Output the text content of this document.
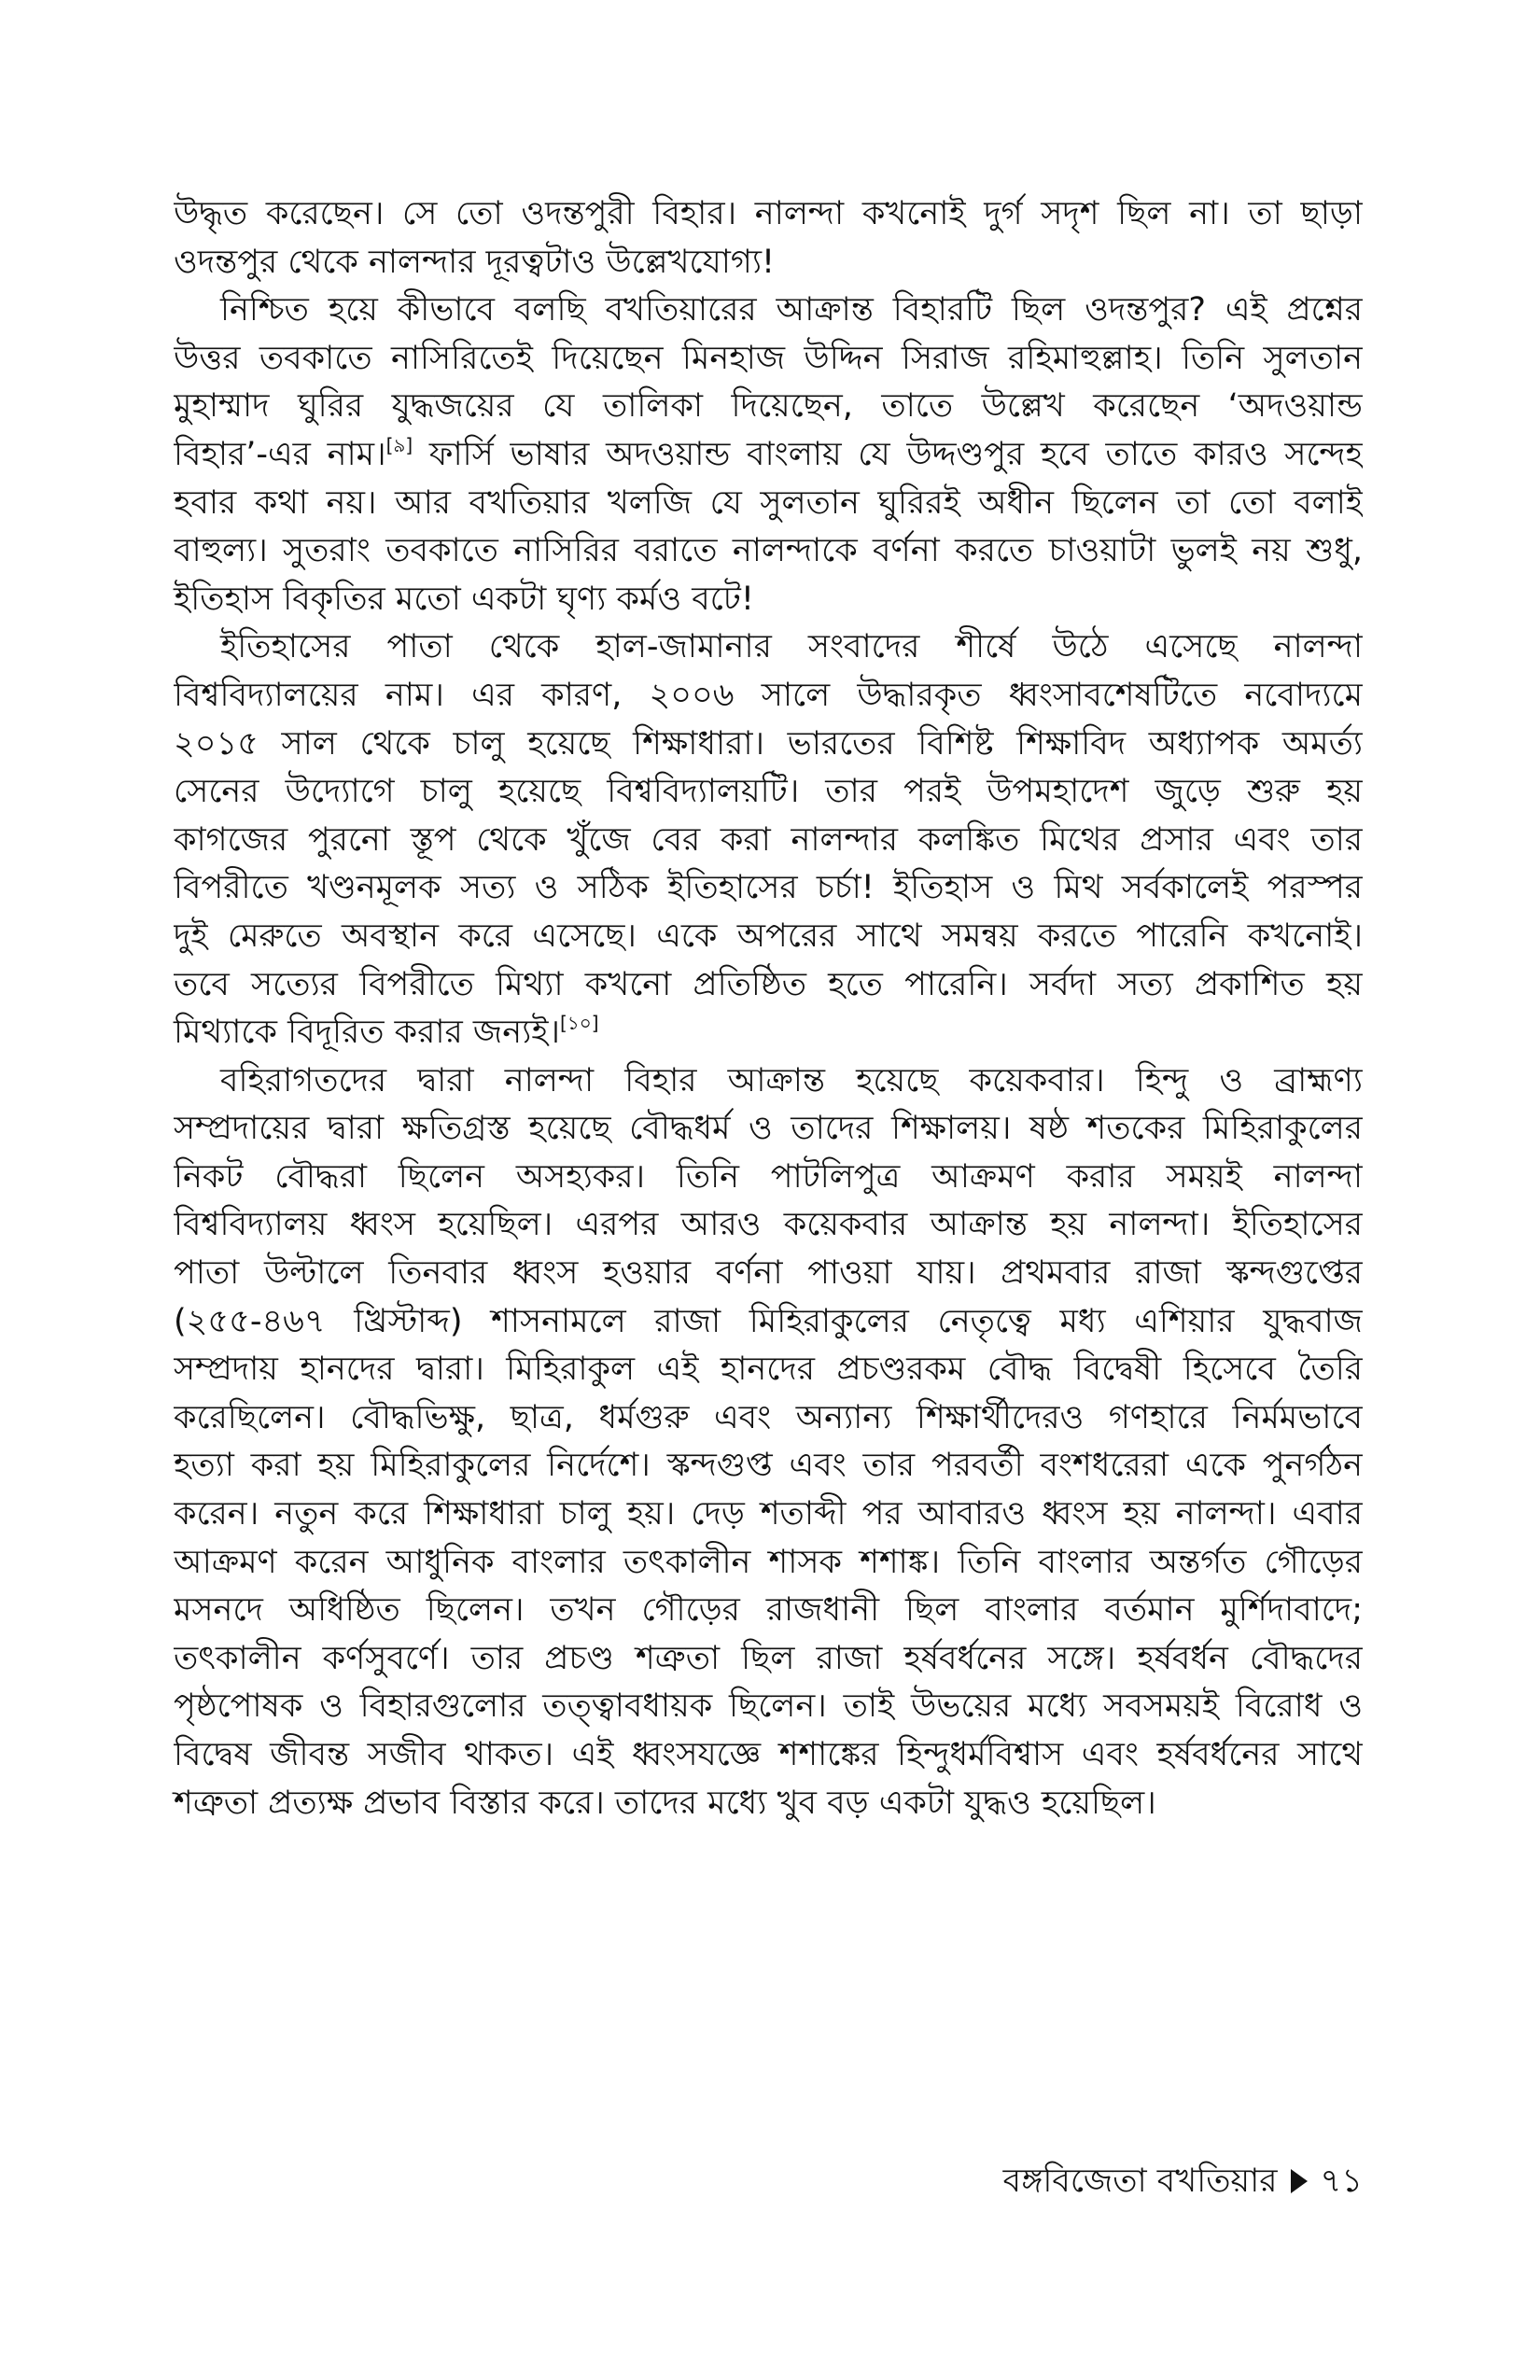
উদ্ধৃত করেছেন। সে তো ওদন্তপুরী বিহার। নালন্দা কখনোই দুর্গ সদৃশ ছিল না। তা ছাড়া
ওদন্তপুর থেকে নালন্দার দূরত্বটাও উল্লেখযোগ্য!
নিশ্চিত হয়ে কীভাবে বলছি বখতিয়ারের আক্রান্ত বিহারটি ছিল ওদন্তপুর? এই প্রশ্নের
উত্তর তবকাতে নাসিরিতেই দিয়েছেন মিনহাজ উদ্দিন সিরাজ রহিমাহুল্লাহ। তিনি সুলতান
মুহাম্মাদ ঘুরির যুদ্ধজয়ের যে তালিকা দিয়েছেন, তাতে উল্লেখ করেছেন ‘অদওয়ান্ড
বিহার’-এর নাম।[৯] ফার্সি ভাষার অদওয়ান্ড বাংলায় যে উদ্দণ্ডপুর হবে তাতে কারও সন্দেহ
হবার কথা নয়। আর বখতিয়ার খলজি যে সুলতান ঘুরিরই অধীন ছিলেন তা তো বলাই
বাহুল্য। সুতরাং তবকাতে নাসিরির বরাতে নালন্দাকে বর্ণনা করতে চাওয়াটা ভুলই নয় শুধু,
ইতিহাস বিকৃতির মতো একটা ঘৃণ্য কর্মও বটে!
ইতিহাসের পাতা থেকে হাল-জামানার সংবাদের শীর্ষে উঠে এসেছে নালন্দা
বিশ্ববিদ্যালয়ের নাম। এর কারণ, ২০০৬ সালে উদ্ধারকৃত ধ্বংসাবশেষটিতে নবোদ্যমে
২০১৫ সাল থেকে চালু হয়েছে শিক্ষাধারা। ভারতের বিশিষ্ট শিক্ষাবিদ অধ্যাপক অমর্ত্য
সেনের উদ্যোগে চালু হয়েছে বিশ্ববিদ্যালয়টি। তার পরই উপমহাদেশ জুড়ে শুরু হয়
কাগজের পুরনো স্তূপ থেকে খুঁজে বের করা নালন্দার কলঙ্কিত মিথের প্রসার এবং তার
বিপরীতে খণ্ডনমূলক সত্য ও সঠিক ইতিহাসের চর্চা! ইতিহাস ও মিথ সর্বকালেই পরস্পর
দুই মেরুতে অবস্থান করে এসেছে। একে অপরের সাথে সমন্বয় করতে পারেনি কখনোই।
তবে সত্যের বিপরীতে মিথ্যা কখনো প্রতিষ্ঠিত হতে পারেনি। সর্বদা সত্য প্রকাশিত হয়
মিথ্যাকে বিদূরিত করার জন্যই।[১০]
বহিরাগতদের দ্বারা নালন্দা বিহার আক্রান্ত হয়েছে কয়েকবার। হিন্দু ও ব্রাহ্মণ্য
সম্প্রদায়ের দ্বারা ক্ষতিগ্রস্ত হয়েছে বৌদ্ধধর্ম ও তাদের শিক্ষালয়। ষষ্ঠ শতকের মিহিরাকুলের
নিকট বৌদ্ধরা ছিলেন অসহ্যকর। তিনি পাটলিপুত্র আক্রমণ করার সময়ই নালন্দা
বিশ্ববিদ্যালয় ধ্বংস হয়েছিল। এরপর আরও কয়েকবার আক্রান্ত হয় নালন্দা। ইতিহাসের
পাতা উল্টালে তিনবার ধ্বংস হওয়ার বর্ণনা পাওয়া যায়। প্রথমবার রাজা স্কন্দগুপ্তের
(২৫৫-৪৬৭ খ্রিস্টাব্দ) শাসনামলে রাজা মিহিরাকুলের নেতৃত্বে মধ্য এশিয়ার যুদ্ধবাজ
সম্প্রদায় হানদের দ্বারা। মিহিরাকুল এই হানদের প্রচণ্ডরকম বৌদ্ধ বিদ্বেষী হিসেবে তৈরি
করেছিলেন। বৌদ্ধভিক্ষু, ছাত্র, ধর্মগুরু এবং অন্যান্য শিক্ষার্থীদেরও গণহারে নির্মমভাবে
হত্যা করা হয় মিহিরাকুলের নির্দেশে। স্কন্দগুপ্ত এবং তার পরবর্তী বংশধরেরা একে পুনর্গঠন
করেন। নতুন করে শিক্ষাধারা চালু হয়। দেড় শতাব্দী পর আবারও ধ্বংস হয় নালন্দা। এবার
আক্রমণ করেন আধুনিক বাংলার তৎকালীন শাসক শশাঙ্ক। তিনি বাংলার অন্তর্গত গৌড়ের
মসনদে অধিষ্ঠিত ছিলেন। তখন গৌড়ের রাজধানী ছিল বাংলার বর্তমান মুর্শিদাবাদে;
তৎকালীন কর্ণসুবর্ণে। তার প্রচণ্ড শত্রুতা ছিল রাজা হর্ষবর্ধনের সঙ্গে। হর্ষবর্ধন বৌদ্ধদের
পৃষ্ঠপোষক ও বিহারগুলোর তত্ত্বাবধায়ক ছিলেন। তাই উভয়ের মধ্যে সবসময়ই বিরোধ ও
বিদ্বেষ জীবন্ত সজীব থাকত। এই ধ্বংসযজ্ঞে শশাঙ্কের হিন্দুধর্মবিশ্বাস এবং হর্ষবর্ধনের সাথে
শত্রুতা প্রত্যক্ষ প্রভাব বিস্তার করে। তাদের মধ্যে খুব বড় একটা যুদ্ধও হয়েছিল।
বঙ্গবিজেতা বখতিয়ার ৭১
